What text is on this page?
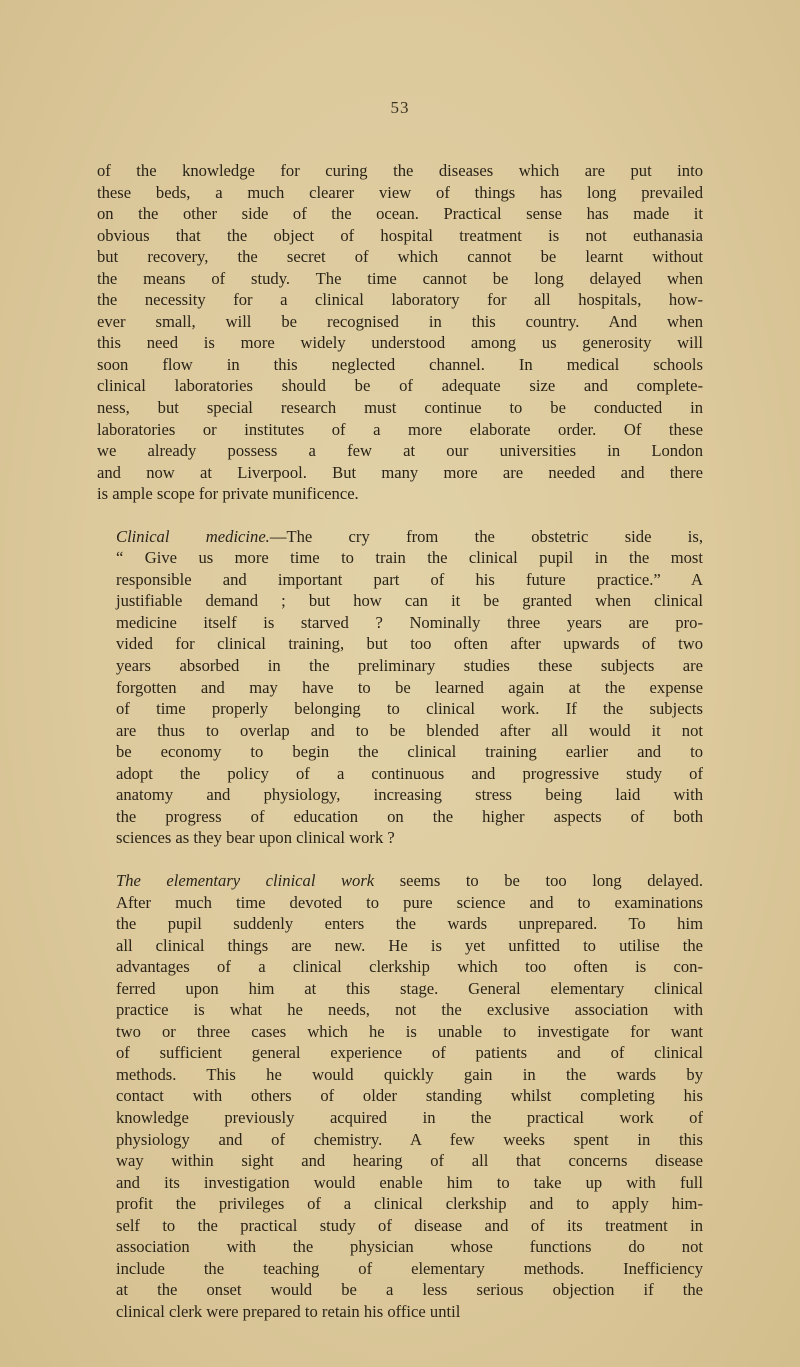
53
of the knowledge for curing the diseases which are put into
these beds, a much clearer view of things has long prevailed
on the other side of the ocean. Practical sense has made it
obvious that the object of hospital treatment is not euthanasia
but recovery, the secret of which cannot be learnt without
the means of study. The time cannot be long delayed when
the necessity for a clinical laboratory for all hospitals, how-
ever small, will be recognised in this country. And when
this need is more widely understood among us generosity will
soon flow in this neglected channel. In medical schools
clinical laboratories should be of adequate size and complete-
ness, but special research must continue to be conducted in
laboratories or institutes of a more elaborate order. Of these
we already possess a few at our universities in London
and now at Liverpool. But many more are needed and there
is ample scope for private munificence.
Clinical medicine.—The cry from the obstetric side is,
“ Give us more time to train the clinical pupil in the most
responsible and important part of his future practice.” A
justifiable demand ; but how can it be granted when clinical
medicine itself is starved ? Nominally three years are pro-
vided for clinical training, but too often after upwards of two
years absorbed in the preliminary studies these subjects are
forgotten and may have to be learned again at the expense
of time properly belonging to clinical work. If the subjects
are thus to overlap and to be blended after all would it not
be economy to begin the clinical training earlier and to
adopt the policy of a continuous and progressive study of
anatomy and physiology, increasing stress being laid with
the progress of education on the higher aspects of both
sciences as they bear upon clinical work ?
The elementary clinical work seems to be too long delayed.
After much time devoted to pure science and to examinations
the pupil suddenly enters the wards unprepared. To him
all clinical things are new. He is yet unfitted to utilise the
advantages of a clinical clerkship which too often is con-
ferred upon him at this stage. General elementary clinical
practice is what he needs, not the exclusive association with
two or three cases which he is unable to investigate for want
of sufficient general experience of patients and of clinical
methods. This he would quickly gain in the wards by
contact with others of older standing whilst completing his
knowledge previously acquired in the practical work of
physiology and of chemistry. A few weeks spent in this
way within sight and hearing of all that concerns disease
and its investigation would enable him to take up with full
profit the privileges of a clinical clerkship and to apply him-
self to the practical study of disease and of its treatment in
association with the physician whose functions do not
include the teaching of elementary methods. Inefficiency
at the onset would be a less serious objection if the
clinical clerk were prepared to retain his office until
